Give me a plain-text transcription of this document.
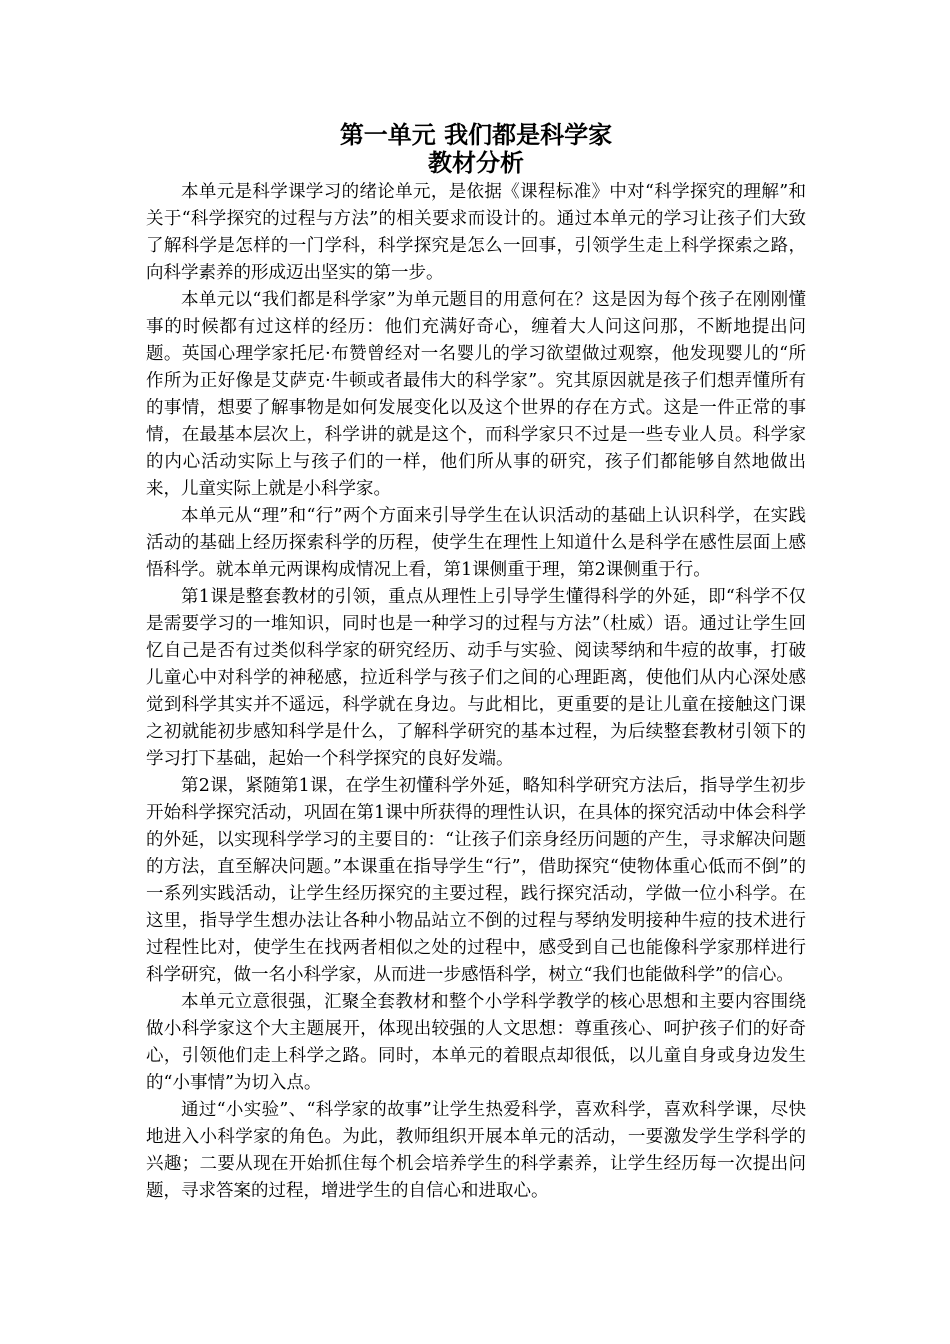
第一单元 我们都是科学家
教材分析

本单元是科学课学习的绪论单元，是依据《课程标准》中对“科学探究的理解”和关于“科学探究的过程与方法”的相关要求而设计的。通过本单元的学习让孩子们大致了解科学是怎样的一门学科，科学探究是怎么一回事，引领学生走上科学探索之路，向科学素养的形成迈出坚实的第一步。

本单元以“我们都是科学家”为单元题目的用意何在？这是因为每个孩子在刚刚懂事的时候都有过这样的经历：他们充满好奇心，缠着大人问这问那，不断地提出问题。英国心理学家托尼·布赞曾经对一名婴儿的学习欲望做过观察，他发现婴儿的“所作所为正好像是艾萨克·牛顿或者最伟大的科学家”。究其原因就是孩子们想弄懂所有的事情，想要了解事物是如何发展变化以及这个世界的存在方式。这是一件正常的事情，在最基本层次上，科学讲的就是这个，而科学家只不过是一些专业人员。科学家的内心活动实际上与孩子们的一样，他们所从事的研究，孩子们都能够自然地做出来，儿童实际上就是小科学家。

本单元从“理”和“行”两个方面来引导学生在认识活动的基础上认识科学，在实践活动的基础上经历探索科学的历程，使学生在理性上知道什么是科学在感性层面上感悟科学。就本单元两课构成情况上看，第1课侧重于理，第2课侧重于行。

第1课是整套教材的引领，重点从理性上引导学生懂得科学的外延，即“科学不仅是需要学习的一堆知识，同时也是一种学习的过程与方法”（杜威）语。通过让学生回忆自己是否有过类似科学家的研究经历、动手与实验、阅读琴纳和牛痘的故事，打破儿童心中对科学的神秘感，拉近科学与孩子们之间的心理距离，使他们从内心深处感觉到科学其实并不遥远，科学就在身边。与此相比，更重要的是让儿童在接触这门课之初就能初步感知科学是什么，了解科学研究的基本过程，为后续整套教材引领下的学习打下基础，起始一个科学探究的良好发端。

第2课，紧随第1课，在学生初懂科学外延，略知科学研究方法后，指导学生初步开始科学探究活动，巩固在第1课中所获得的理性认识，在具体的探究活动中体会科学的外延，以实现科学学习的主要目的：“让孩子们亲身经历问题的产生，寻求解决问题的方法，直至解决问题。”本课重在指导学生“行”，借助探究“使物体重心低而不倒”的一系列实践活动，让学生经历探究的主要过程，践行探究活动，学做一位小科学。在这里，指导学生想办法让各种小物品站立不倒的过程与琴纳发明接种牛痘的技术进行过程性比对，使学生在找两者相似之处的过程中，感受到自己也能像科学家那样进行科学研究，做一名小科学家，从而进一步感悟科学，树立“我们也能做科学”的信心。

本单元立意很强，汇聚全套教材和整个小学科学教学的核心思想和主要内容围绕做小科学家这个大主题展开，体现出较强的人文思想：尊重孩心、呵护孩子们的好奇心，引领他们走上科学之路。同时，本单元的着眼点却很低，以儿童自身或身边发生的“小事情”为切入点。

通过“小实验”、“科学家的故事”让学生热爱科学，喜欢科学，喜欢科学课，尽快地进入小科学家的角色。为此，教师组织开展本单元的活动，一要激发学生学科学的兴趣；二要从现在开始抓住每个机会培养学生的科学素养，让学生经历每一次提出问题，寻求答案的过程，增进学生的自信心和进取心。
